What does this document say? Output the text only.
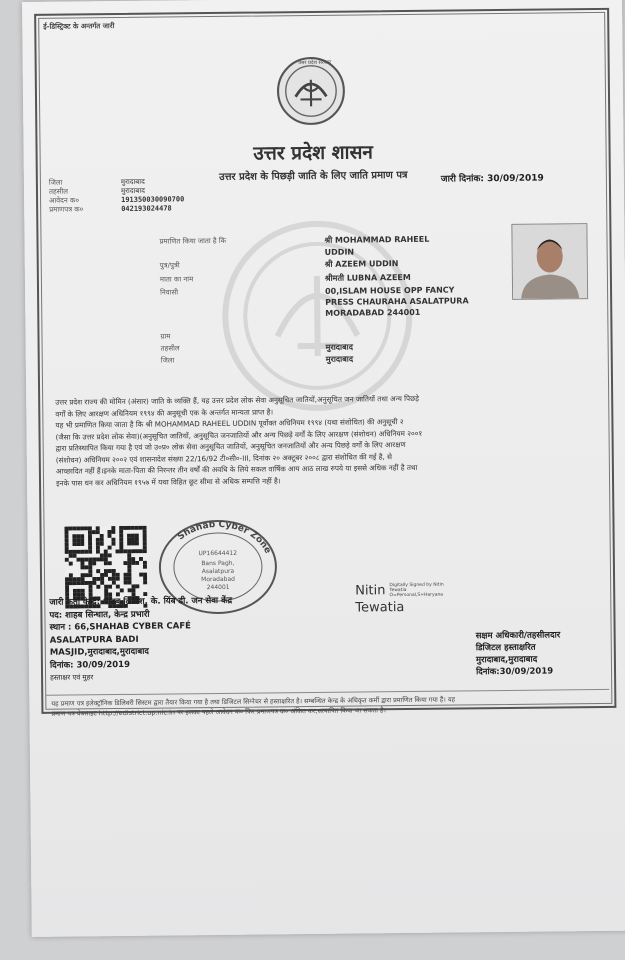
ई-डिस्ट्रिक्ट के अन्तर्गत जारी
उत्तर प्रदेश सरकार
उत्तर प्रदेश शासन
उत्तर प्रदेश के पिछड़ी जाति के लिए जाति प्रमाण पत्र	जारी दिनांक: 30/09/2019
जिला	मुरादाबाद
तहसील	मुरादाबाद
आवेदन क०	191350030090700
प्रमाणपत्र क०	042193024478
प्रमाणित किया जाता है कि	श्री MOHAMMAD RAHEEL
UDDIN
पुत्र/पुत्री	श्री AZEEM UDDIN
माता का नाम	श्रीमती LUBNA AZEEM
निवासी	00,ISLAM HOUSE OPP FANCY
PRESS CHAURAHA ASALATPURA
MORADABAD 244001
ग्राम
तहसील	मुरादाबाद
जिला	मुरादाबाद
उत्तर प्रदेश राज्य की मोमिन (अंसार) जाति के व्यक्ति हैं, यह उत्तर प्रदेश लोक सेवा अनुसूचित जातियों,अनुसूचित जन जातियों तथा अन्य पिछड़े
वर्गों के लिए आरक्षण अधिनियम १९९४ की अनुसूची एक के अन्तर्गत मान्यता प्राप्त है।
यह भी प्रमाणित किया जाता है कि श्री MOHAMMAD RAHEEL UDDIN पूर्वोक्त अधिनियम १९९४ (यथा संशोधित) की अनुसूची २
(जैसा कि उत्तर प्रदेश लोक सेवा)(अनुसूचित जातियों, अनुसूचित जनजातियों और अन्य पिछड़े वर्गों के लिए आरक्षण (संशोधन) अधिनियम २००१
द्वारा प्रतिस्थापित किया गया है एवं जो उ०प्र० लोक सेवा अनुसूचित जातियों, अनुसूचित जनजातियों और अन्य पिछड़े वर्गों के लिए आरक्षण
(संशोधन) अधिनियम २००२ एवं शासनादेश संख्या 22/16/92 टी०सी०-III, दिनांक २० अक्टूबर २००८ द्वारा संशोधित की गई है, से
आच्छादित नहीं हैं।इनके माता-पिता की निरन्तर तीन वर्षों की अवधि के लिये सकल वार्षिक आय आठ लाख रुपये या इससे अधिक नहीं है तथा
इनके पास धन कर अधिनियम १९५७ में यथा विहित छूट सीमा से अधिक सम्पत्ति नहीं है।
Shahab Cyber Zone
UP16644412
Bans Pagh,
Asalatpura
Moradabad
244001	Nitin Digitally Signed by Nitin
Tewatia
O=Personal,S=Haryana
Tewatia
जारी कर्ता केन्द्र: शाहब लिम्बेश, के. यिंब डी. जन सेवा केंद्र
पद: शाहब सिन्धात, केन्द्र प्रभारी
स्थान : 66,SHAHAB CYBER CAFÉ
ASALATPURA BADI
MASJID,मुरादाबाद,मुरादाबाद
दिनांक: 30/09/2019
हस्ताक्षर एवं मुहर
सक्षम अधिकारी/तहसीलदार
डिजिटल हस्ताक्षरित
मुरादाबाद,मुरादाबाद
दिनांक:30/09/2019
यह प्रमाण पत्र इलेक्ट्रॉनिक डिलिवरी सिस्टम द्वारा तैयार किया गया है तथा डिजिटल सिग्नेचर से हस्ताक्षरित है। सम्बन्धित केन्द्र के अधिकृत कर्मी द्वारा प्रमाणित किया गया है। यह
प्रमाण पत्र वेबसाइट http://edistrict.up.nic.in पर इसका पहले आवेदन क० फिर प्रमाणपत्र क० अंकित कर,सत्यापित किया जा सकता है।
